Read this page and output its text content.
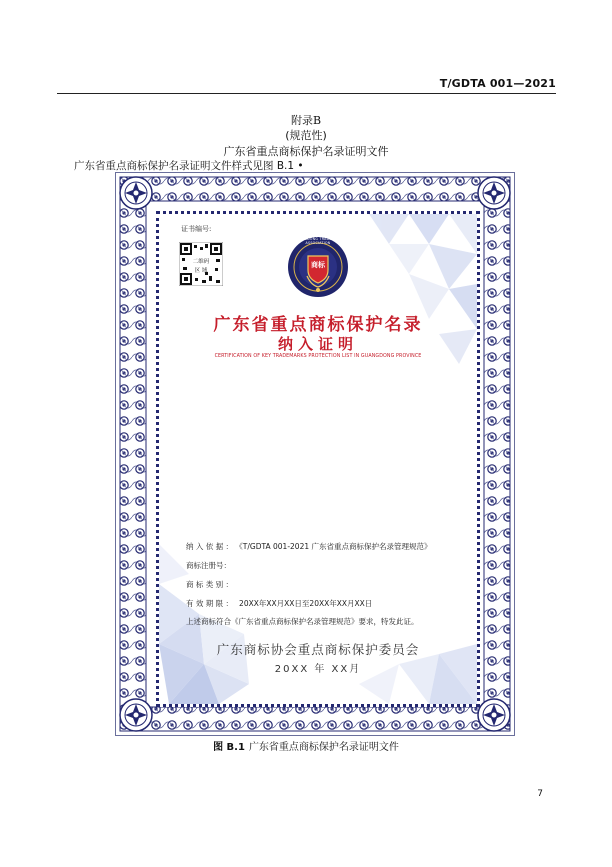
T/GDTA 001—2021
附录B
(规范性)
广东省重点商标保护名录证明文件
广东省重点商标保护名录证明文件样式见图 B.1 •
证书编号:
二维码
区 域
GUANGDONG TRADEMARK ASSOCIATION
商标
广东省重点商标保护名录
纳入证明
CERTIFICATION OF KEY TRADEMARKS PROTECTION LIST IN GUANGDONG PROVINCE
纳 入 依 据 ： 《T/GDTA 001-2021 广东省重点商标保护名录管理规范》
商标注册号：
商 标 类 别 ：
有 效 期 限 ： 20XX年XX月XX日至20XX年XX月XX日
上述商标符合《广东省重点商标保护名录管理规范》要求，特发此证。
广东商标协会重点商标保护委员会
20XX 年 XX月
图 B.1 广东省重点商标保护名录证明文件
7
